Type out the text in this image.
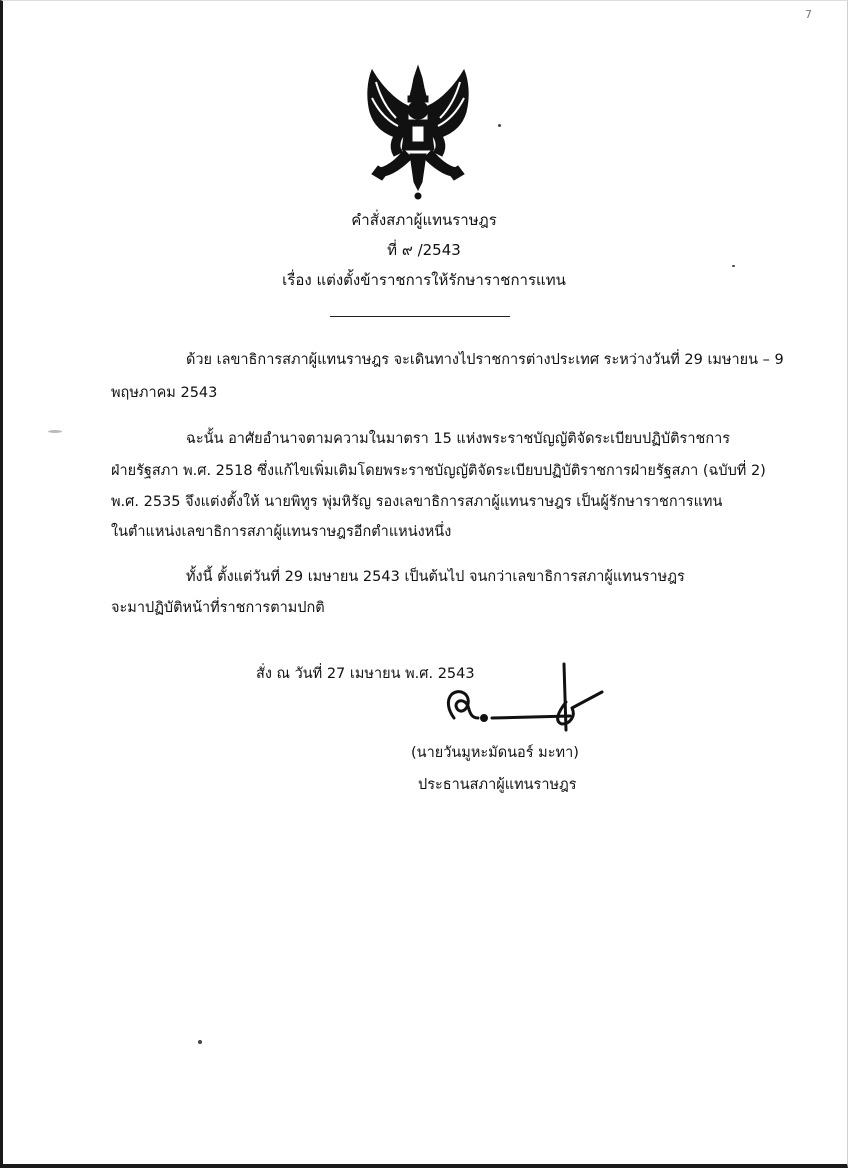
7
คำสั่งสภาผู้แทนราษฎร
ที่ ๙ /2543
เรื่อง แต่งตั้งข้าราชการให้รักษาราชการแทน
ด้วย เลขาธิการสภาผู้แทนราษฎร จะเดินทางไปราชการต่างประเทศ ระหว่างวันที่ 29 เมษายน – 9
พฤษภาคม 2543
ฉะนั้น อาศัยอำนาจตามความในมาตรา 15 แห่งพระราชบัญญัติจัดระเบียบปฏิบัติราชการ
ฝ่ายรัฐสภา พ.ศ. 2518 ซึ่งแก้ไขเพิ่มเติมโดยพระราชบัญญัติจัดระเบียบปฏิบัติราชการฝ่ายรัฐสภา (ฉบับที่ 2)
พ.ศ. 2535 จึงแต่งตั้งให้ นายพิทูร พุ่มหิรัญ รองเลขาธิการสภาผู้แทนราษฎร เป็นผู้รักษาราชการแทน
ในตำแหน่งเลขาธิการสภาผู้แทนราษฎรอีกตำแหน่งหนึ่ง
ทั้งนี้ ตั้งแต่วันที่ 29 เมษายน 2543 เป็นต้นไป จนกว่าเลขาธิการสภาผู้แทนราษฎร
จะมาปฏิบัติหน้าที่ราชการตามปกติ
สั่ง ณ วันที่ 27 เมษายน พ.ศ. 2543
(นายวันมูหะมัดนอร์ มะทา)
ประธานสภาผู้แทนราษฎร
